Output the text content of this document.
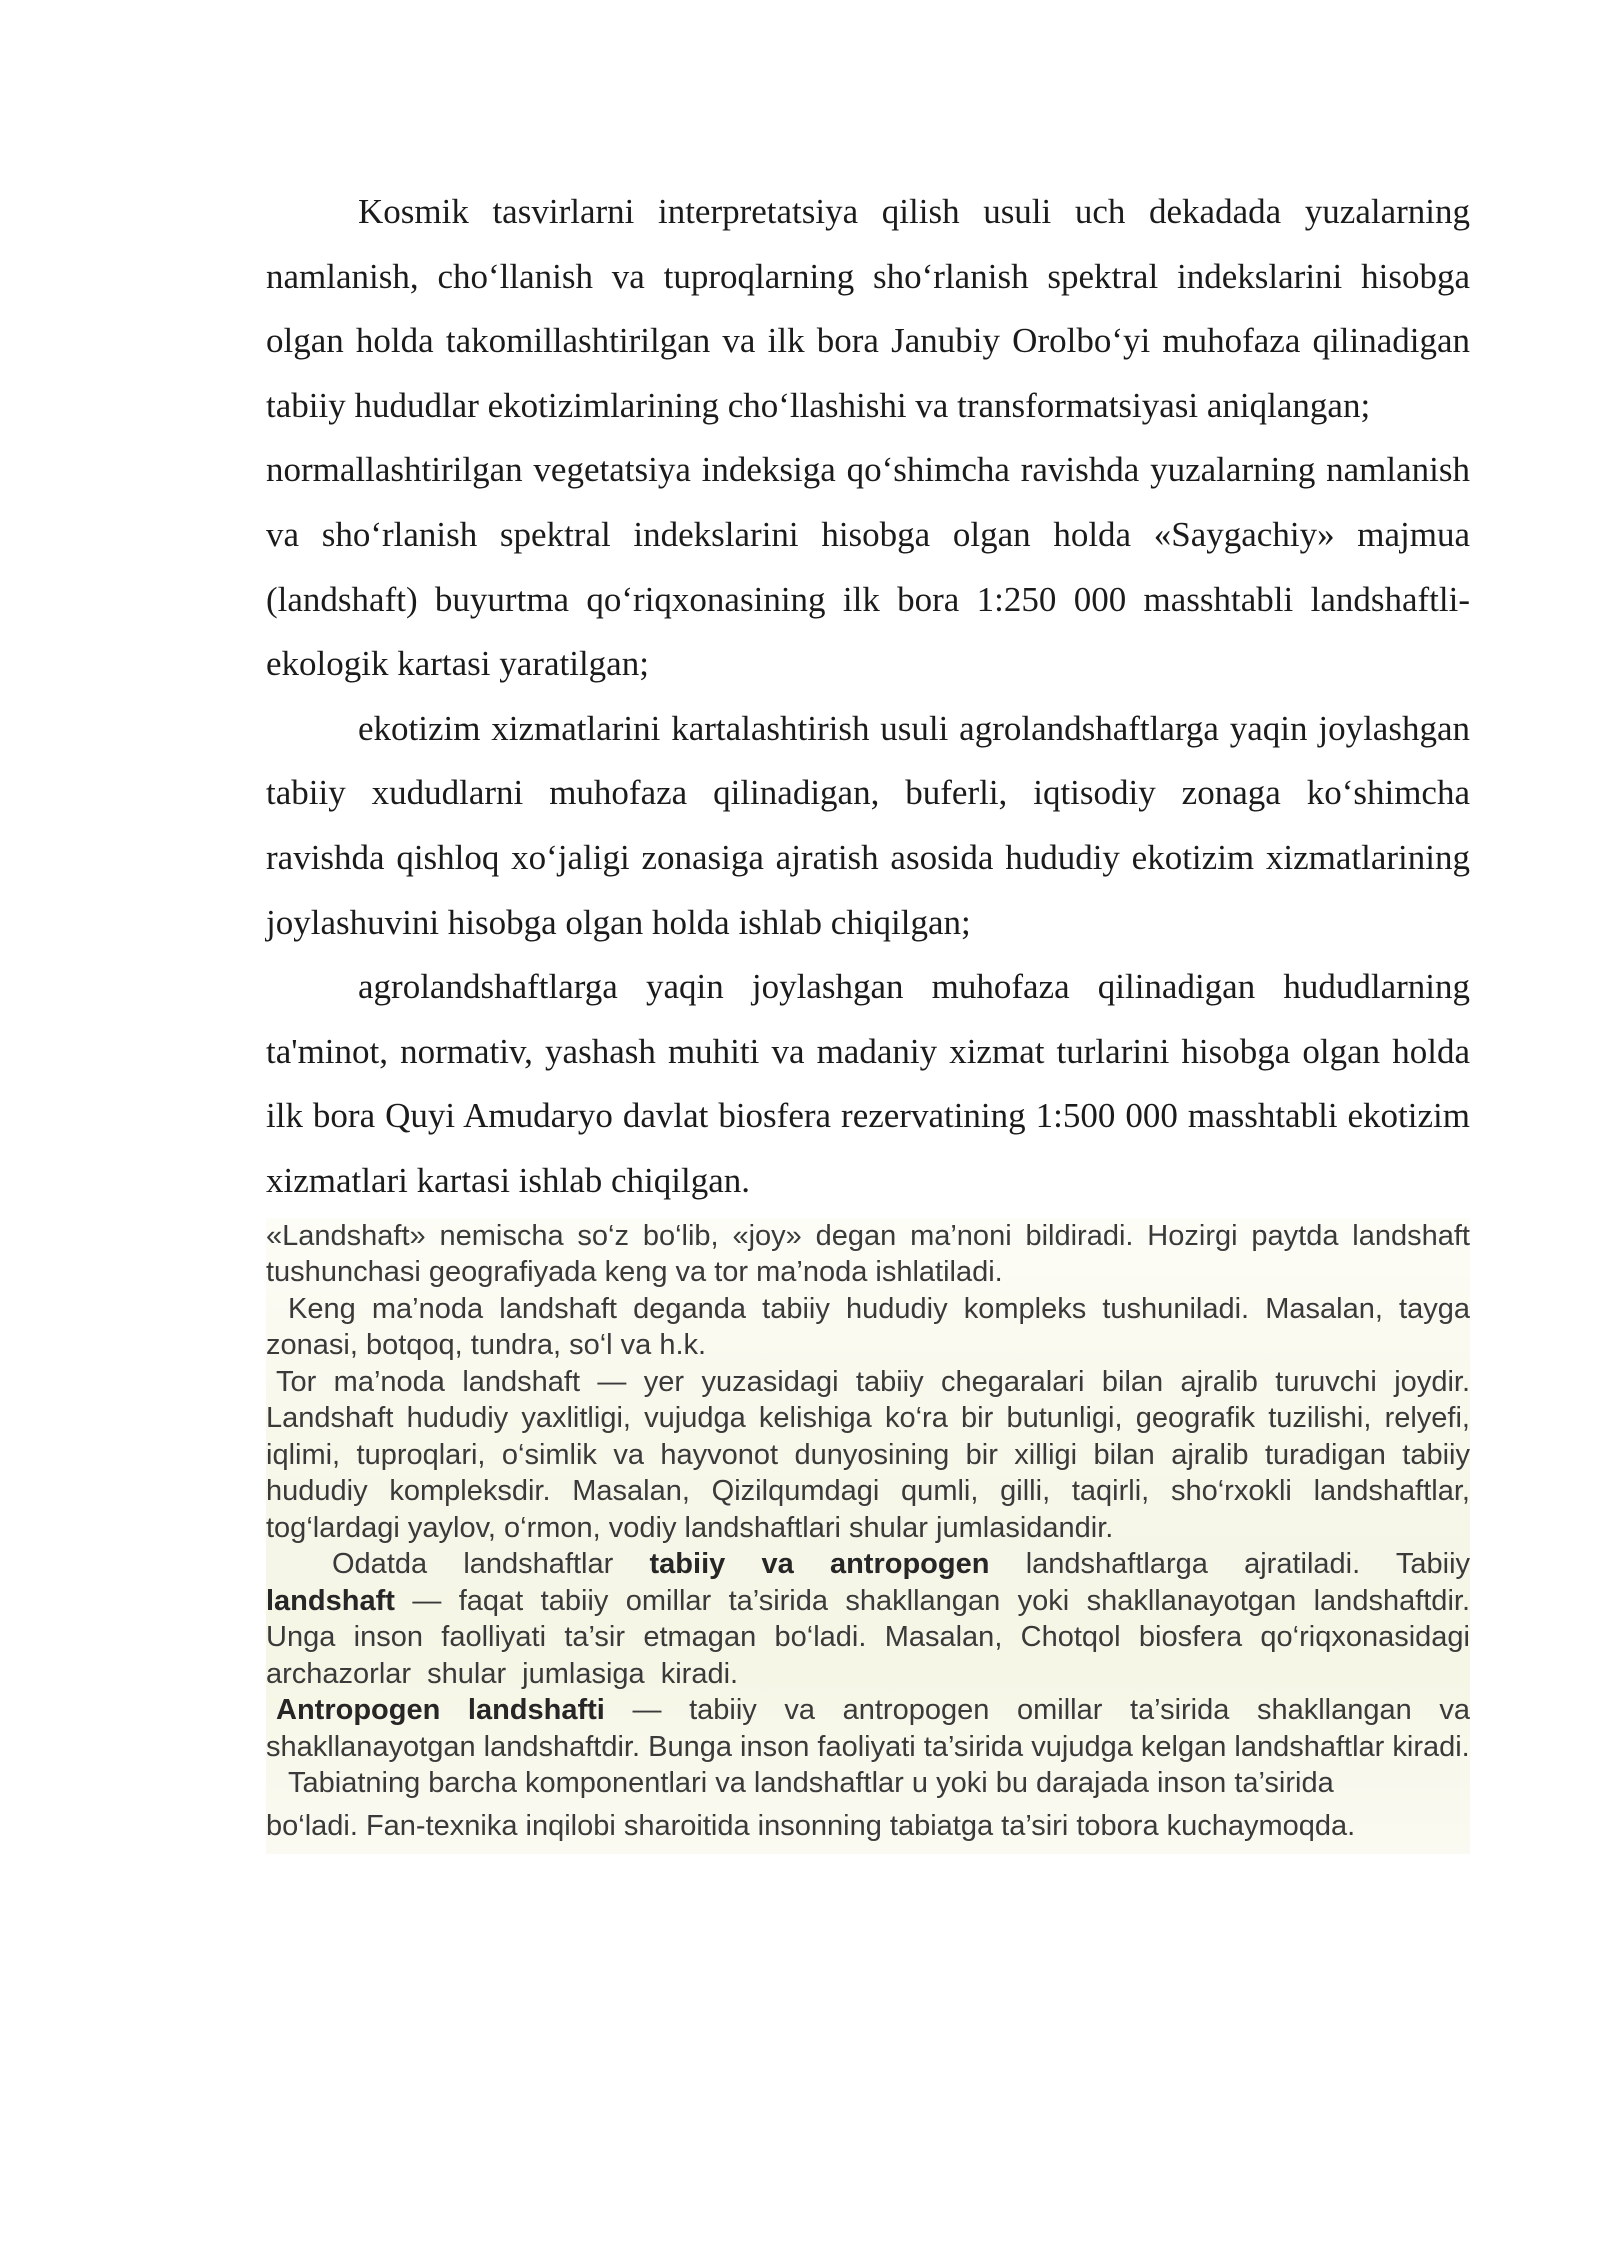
Kosmik tasvirlarni interpretatsiya qilish usuli uch dekadada yuzalarning namlanish, cho‘llanish va tuproqlarning sho‘rlanish spektral indekslarini hisobga olgan holda takomillashtirilgan va ilk bora Janubiy Orolbo‘yi muhofaza qilinadigan tabiiy hududlar ekotizimlarining cho‘llashishi va transformatsiyasi aniqlangan;

normallashtirilgan vegetatsiya indeksiga qo‘shimcha ravishda yuzalarning namlanish va sho‘rlanish spektral indekslarini hisobga olgan holda «Saygachiy» majmua (landshaft) buyurtma qo‘riqxonasining ilk bora 1:250 000 masshtabli landshaftli-ekologik kartasi yaratilgan;

ekotizim xizmatlarini kartalashtirish usuli agrolandshaftlarga yaqin joylashgan tabiiy xududlarni muhofaza qilinadigan, buferli, iqtisodiy zonaga ko‘shimcha ravishda qishloq xo‘jaligi zonasiga ajratish asosida hududiy ekotizim xizmatlarining joylashuvini hisobga olgan holda ishlab chiqilgan;

agrolandshaftlarga yaqin joylashgan muhofaza qilinadigan hududlarning ta'minot, normativ, yashash muhiti va madaniy xizmat turlarini hisobga olgan holda ilk bora Quyi Amudaryo davlat biosfera rezervatining 1:500 000 masshtabli ekotizim xizmatlari kartasi ishlab chiqilgan.

«Landshaft» nemischa so‘z bo‘lib, «joy» degan ma’noni bildiradi. Hozirgi paytda landshaft tushunchasi geografiyada keng va tor ma’noda ishlatiladi.

Keng ma’noda landshaft deganda tabiiy hududiy kompleks tushuniladi. Masalan, tayga zonasi, botqoq, tundra, so‘l va h.k.

Tor ma’noda landshaft — yer yuzasidagi tabiiy chegaralari bilan ajralib turuvchi joydir. Landshaft hududiy yaxlitligi, vujudga kelishiga ko‘ra bir butunligi, geografik tuzilishi, relyefi, iqlimi, tuproqlari, o‘simlik va hayvonot dunyosining bir xilligi bilan ajralib turadigan tabiiy hududiy kompleksdir. Masalan, Qizilqumdagi qumli, gilli, taqirli, sho‘rxokli landshaftlar, tog‘lardagi yaylov, o‘rmon, vodiy landshaftlari shular jumlasidandir.

Odatda landshaftlar tabiiy va antropogen landshaftlarga ajratiladi. Tabiiy landshaft — faqat tabiiy omillar ta’sirida shakllangan yoki shakllanayotgan landshaftdir. Unga inson faolliyati ta’sir etmagan bo‘ladi. Masalan, Chotqol biosfera qo‘riqxonasidagi archazorlar shular jumlasiga kiradi.

Antropogen landshafti — tabiiy va antropogen omillar ta’sirida shakllangan va shakllanayotgan landshaftdir. Bunga inson faoliyati ta’sirida vujudga kelgan landshaftlar kiradi.

Tabiatning barcha komponentlari va landshaftlar u yoki bu darajada inson ta’sirida

bo‘ladi. Fan-texnika inqilobi sharoitida insonning tabiatga ta’siri tobora kuchaymoqda.
